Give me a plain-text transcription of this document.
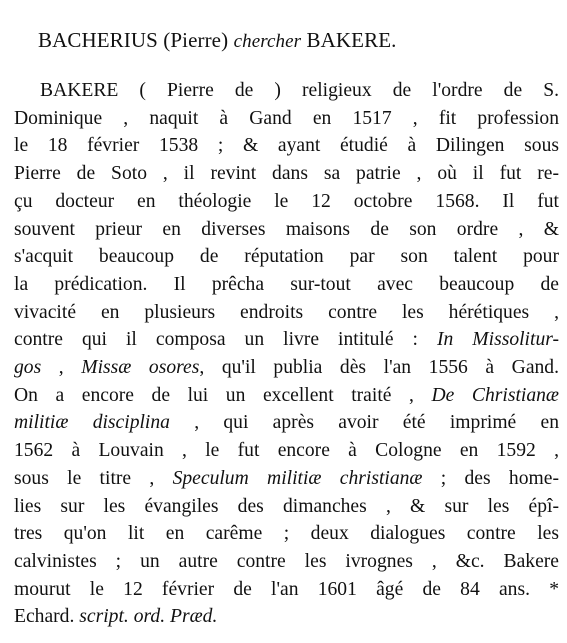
BACHERIUS (Pierre) chercher BAKERE.
BAKERE ( Pierre de ) religieux de l'ordre de S.
Dominique , naquit à Gand en 1517 , fit profession
le 18 février 1538 ; & ayant étudié à Dilingen sous
Pierre de Soto , il revint dans sa patrie , où il fut re-
çu docteur en théologie le 12 octobre 1568. Il fut
souvent prieur en diverses maisons de son ordre , &
s'acquit beaucoup de réputation par son talent pour
la prédication. Il prêcha sur-tout avec beaucoup de
vivacité en plusieurs endroits contre les hérétiques ,
contre qui il composa un livre intitulé : In Missolitur-
gos , Missæ osores, qu'il publia dès l'an 1556 à Gand.
On a encore de lui un excellent traité , De Christianæ
militiæ disciplina , qui après avoir été imprimé en
1562 à Louvain , le fut encore à Cologne en 1592 ,
sous le titre , Speculum militiæ christianæ ; des home-
lies sur les évangiles des dimanches , & sur les épî-
tres qu'on lit en carême ; deux dialogues contre les
calvinistes ; un autre contre les ivrognes , &c. Bakere
mourut le 12 février de l'an 1601 âgé de 84 ans. *
Echard. script. ord. Præd.
